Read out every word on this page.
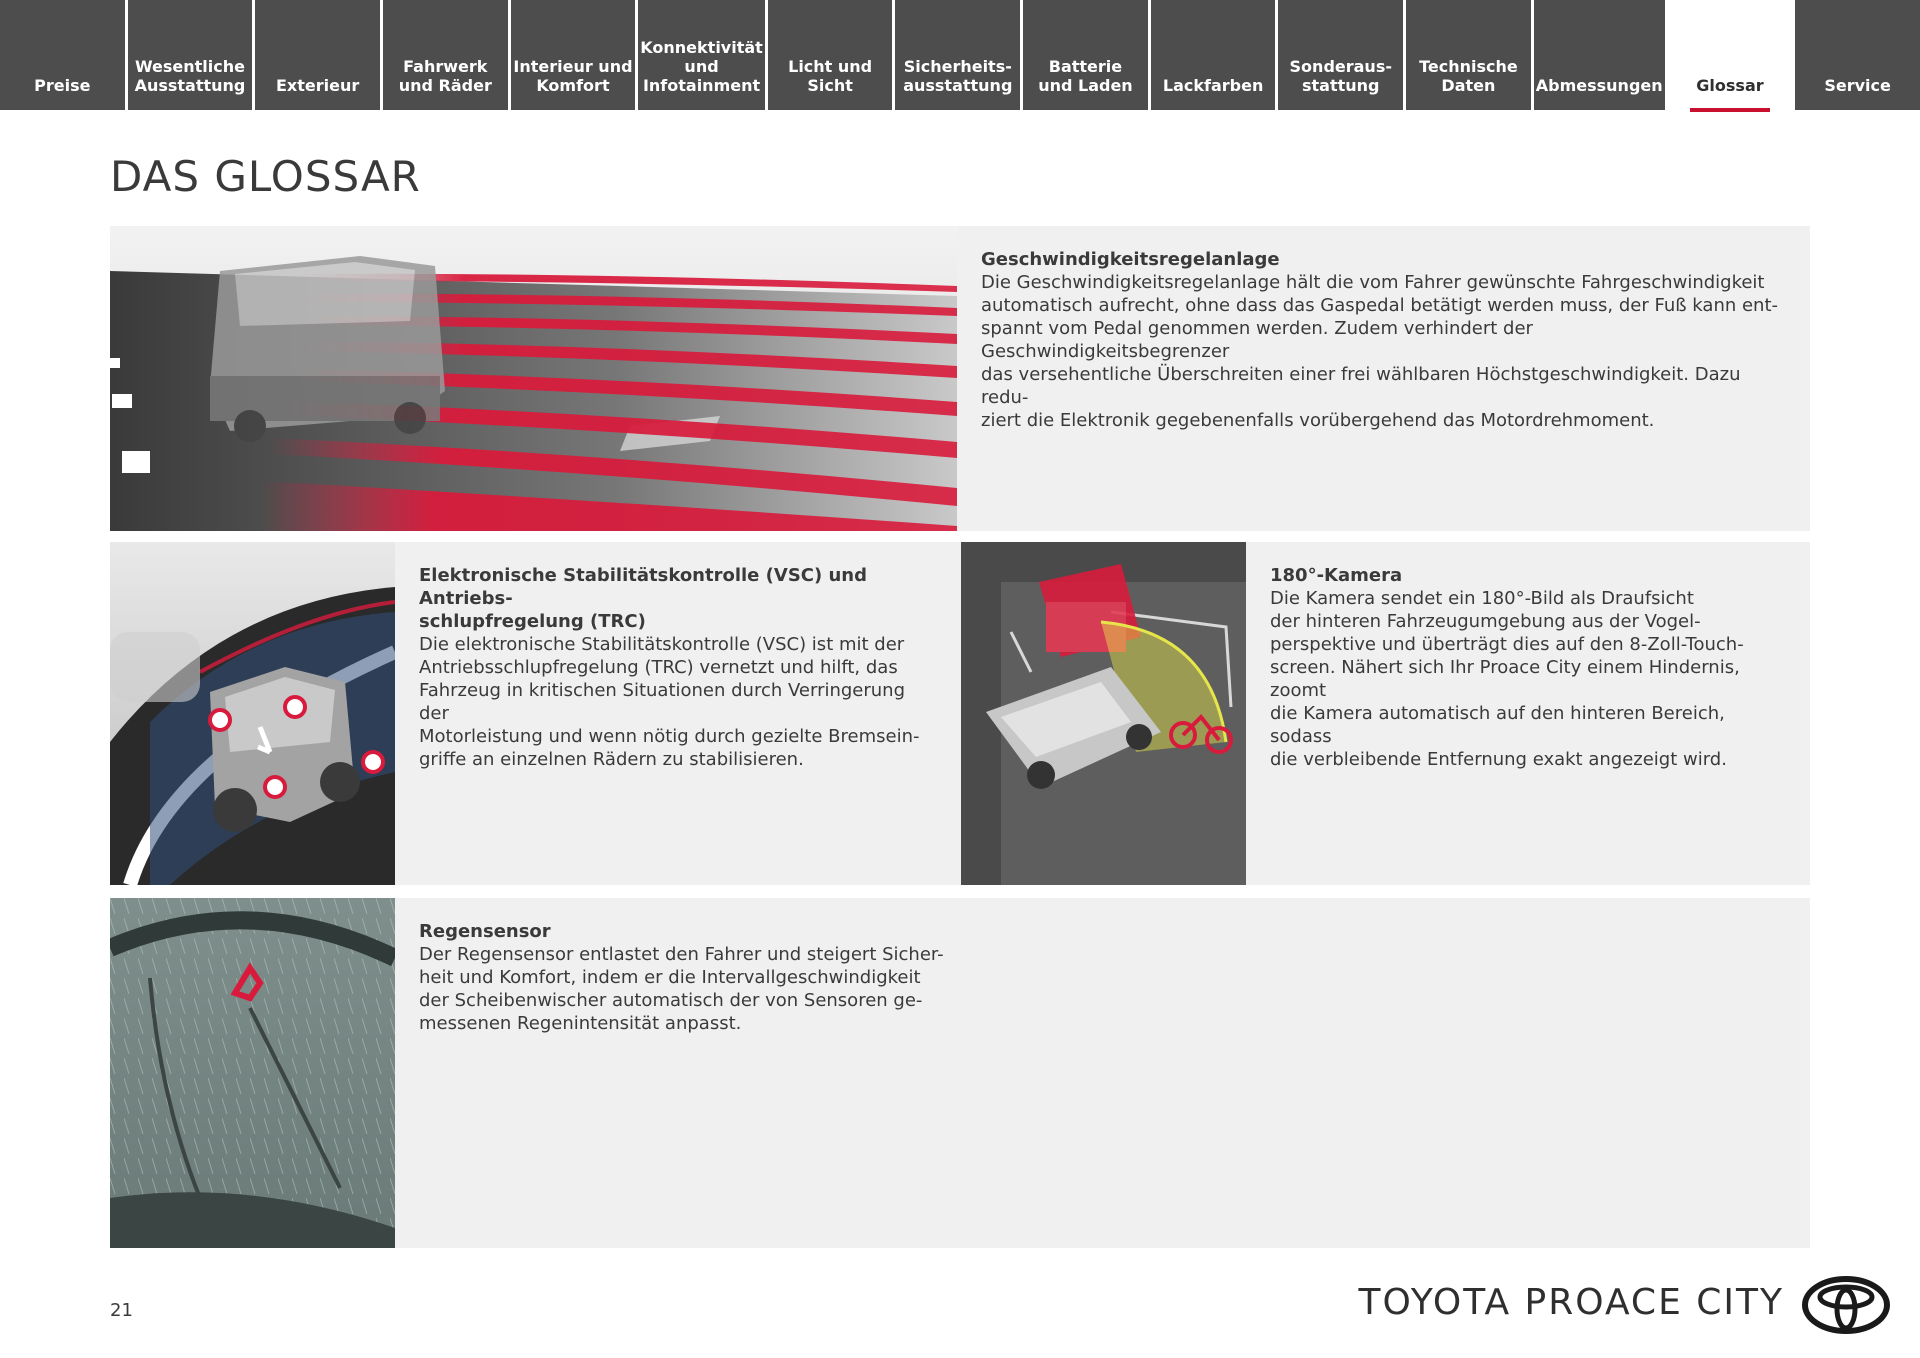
Preise
Wesentliche
Ausstattung	Exterieur
Fahrwerk
und Räder
Interieur und
Komfort
Konnektivität
und
Infotainment
Licht und Sicht
Sicherheits-
ausstattung
Batterie
und Laden	Lackfarben
Sonderaus-
stattung
Technische
Daten	Abmessungen	Glossar	Service
DAS GLOSSAR
Geschwindigkeitsregelanlage
Die Geschwindigkeitsregelanlage hält die vom Fahrer gewünschte Fahrgeschwindigkeit
automatisch aufrecht, ohne dass das Gaspedal betätigt werden muss, der Fuß kann ent-
spannt vom Pedal genommen werden. Zudem verhindert der Geschwindigkeitsbegrenzer
das versehentliche Überschreiten einer frei wählbaren Höchstgeschwindigkeit. Dazu redu-
ziert die Elektronik gegebenenfalls vorübergehend das Motordrehmoment.
Elektronische Stabilitätskontrolle (VSC) und Antriebs-
schlupfregelung (TRC)
Die elektronische Stabilitätskontrolle (VSC) ist mit der
Antriebsschlupfregelung (TRC) vernetzt und hilft, das
Fahrzeug in kritischen Situationen durch Verringerung der
Motorleistung und wenn nötig durch gezielte Bremsein-
griffe an einzelnen Rädern zu stabilisieren.
180°-Kamera
Die Kamera sendet ein 180°-Bild als Draufsicht
der hinteren Fahrzeugumgebung aus der Vogel-
perspektive und überträgt dies auf den 8-Zoll-Touch-
screen. Nähert sich Ihr Proace City einem Hindernis, zoomt
die Kamera automatisch auf den hinteren Bereich, sodass
die verbleibende Entfernung exakt angezeigt wird.
Regensensor
Der Regensensor entlastet den Fahrer und steigert Sicher-
heit und Komfort, indem er die Intervallgeschwindigkeit
der Scheibenwischer automatisch der von Sensoren ge-
messenen Regenintensität anpasst.
21	TOYOTA PROACE CITY
